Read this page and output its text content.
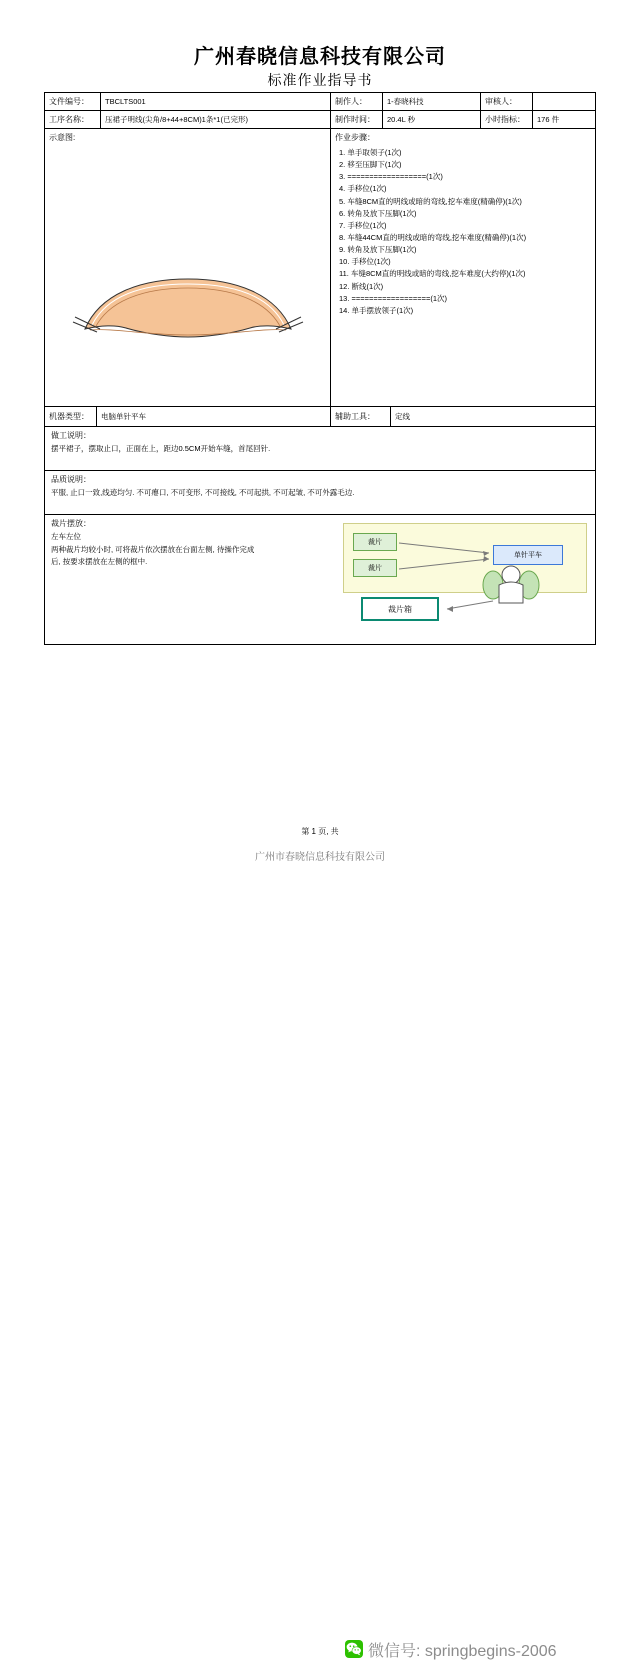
广州春晓信息科技有限公司
标准作业指导书
文件编号：	TBCLTS001	制作人：	1-春晓科技	审核人：
工序名称：	压裙子明线(尖角/8+44+8CM)1条*1(已完形)	制作时间：	20.4L 秒	小时指标：	176 件
示意图:	作业步骤：
1. 单手取领子(1次)
2. 移至压脚下(1次)
3. ==================(1次)
4. 手移位(1次)
5. 车缝8CM直的明线或暗的弯线,挖车难度(精确停)(1次)
6. 转角及放下压脚(1次)
7. 手移位(1次)
8. 车缝44CM直的明线或暗的弯线,挖车难度(精确停)(1次)
9. 转角及放下压脚(1次)
10. 手移位(1次)
11. 车缝8CM直的明线或暗的弯线,挖车难度(大约停)(1次)
12. 断线(1次)
13. ==================(1次)
14. 单手摆放领子(1次)
机器类型：	电脑单针平车	辅助工具：	定线
做工说明：
摆平裙子，摆取止口，正面在上，距边0.5CM开始车缝，首尾回针.
品质说明：
平服, 止口一致,线迹均匀. 不可瘪口, 不可变形, 不可接线, 不可起拱, 不可起皱, 不可外露毛边.
裁片摆放：
左车左位
两种裁片均较小时, 可将裁片依次摆放在台面左侧, 待操作完成
后, 按要求摆放在左侧的框中.
裁片
裁片
单针平车
裁片箱
第 1 页, 共
微信号: springbegins-2006
广州市春晓信息科技有限公司
